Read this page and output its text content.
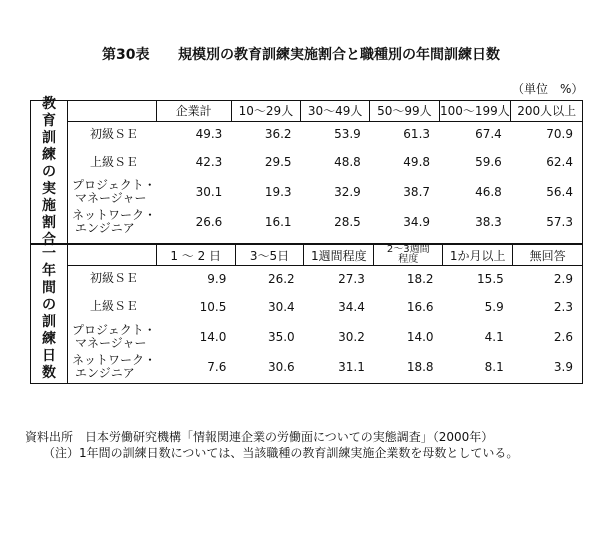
第30表 規模別の教育訓練実施割合と職種別の年間訓練日数
（単位　%）
教
育
訓
練
の
実
施
割
合
	企業計	10～29人	30～49人	50～99人	100～199人	200人以上

初級ＳＥ	49.3	36.2	53.9	61.3	67.4	70.9

上級ＳＥ	42.3	29.5	48.8	49.8	59.6	62.4

プロジェクト・
マネージャー	30.1	19.3	32.9	38.7	46.8	56.4

ネットワーク・
エンジニア	26.6	16.1	28.5	34.9	38.3	57.3
一
年
間
の
訓
練
日
数
	1 ～ 2 日	3～5日	1週間程度	2～3週間
程度	1か月以上	無回答

初級ＳＥ	9.9	26.2	27.3	18.2	15.5	2.9

上級ＳＥ	10.5	30.4	34.4	16.6	5.9	2.3

プロジェクト・
マネージャー	14.0	35.0	30.2	14.0	4.1	2.6

ネットワーク・
エンジニア	7.6	30.6	31.1	18.8	8.1	3.9
資料出所　日本労働研究機構「情報関連企業の労働面についての実態調査」（2000年）
（注）1年間の訓練日数については、当該職種の教育訓練実施企業数を母数としている。
